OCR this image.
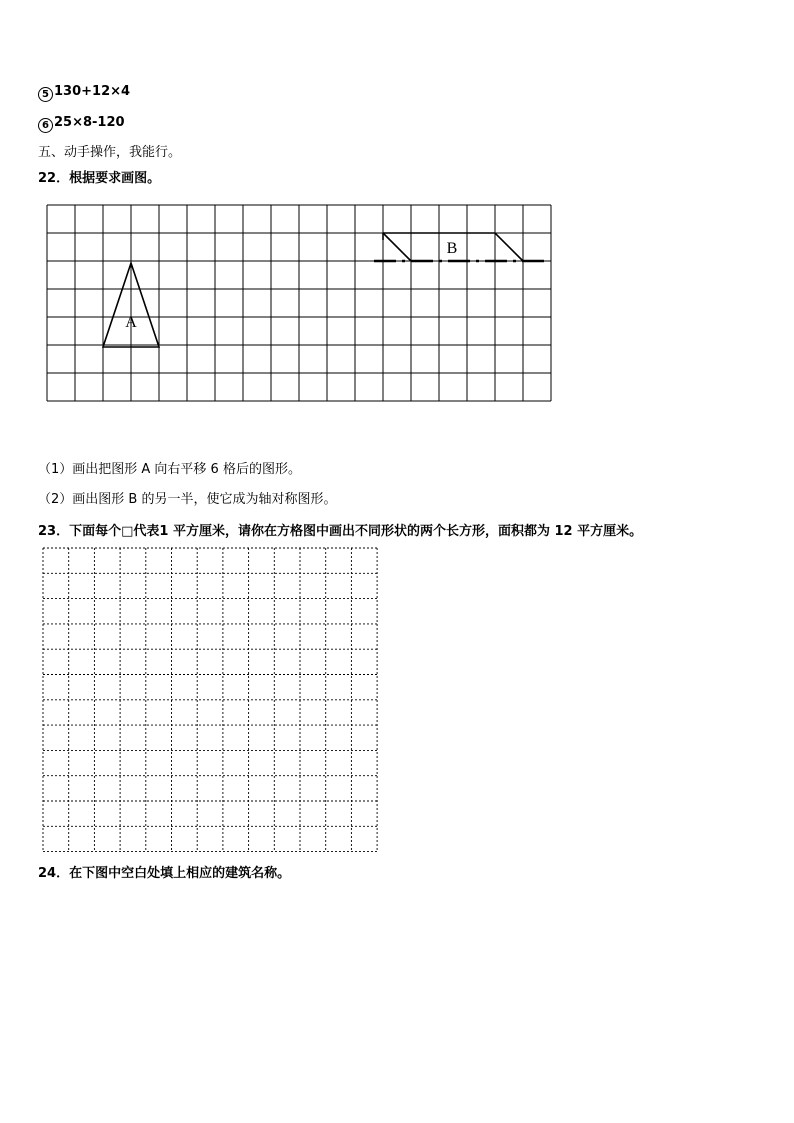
5 130+12×4
6 25×8-120
五、动手操作，我能行。
22．根据要求画图。
A
B
（1）画出把图形 A 向右平移 6 格后的图形。
（2）画出图形 B 的另一半，使它成为轴对称图形。
23．下面每个□代表1 平方厘米，请你在方格图中画出不同形状的两个长方形，面积都为 12 平方厘米。
24．在下图中空白处填上相应的建筑名称。
